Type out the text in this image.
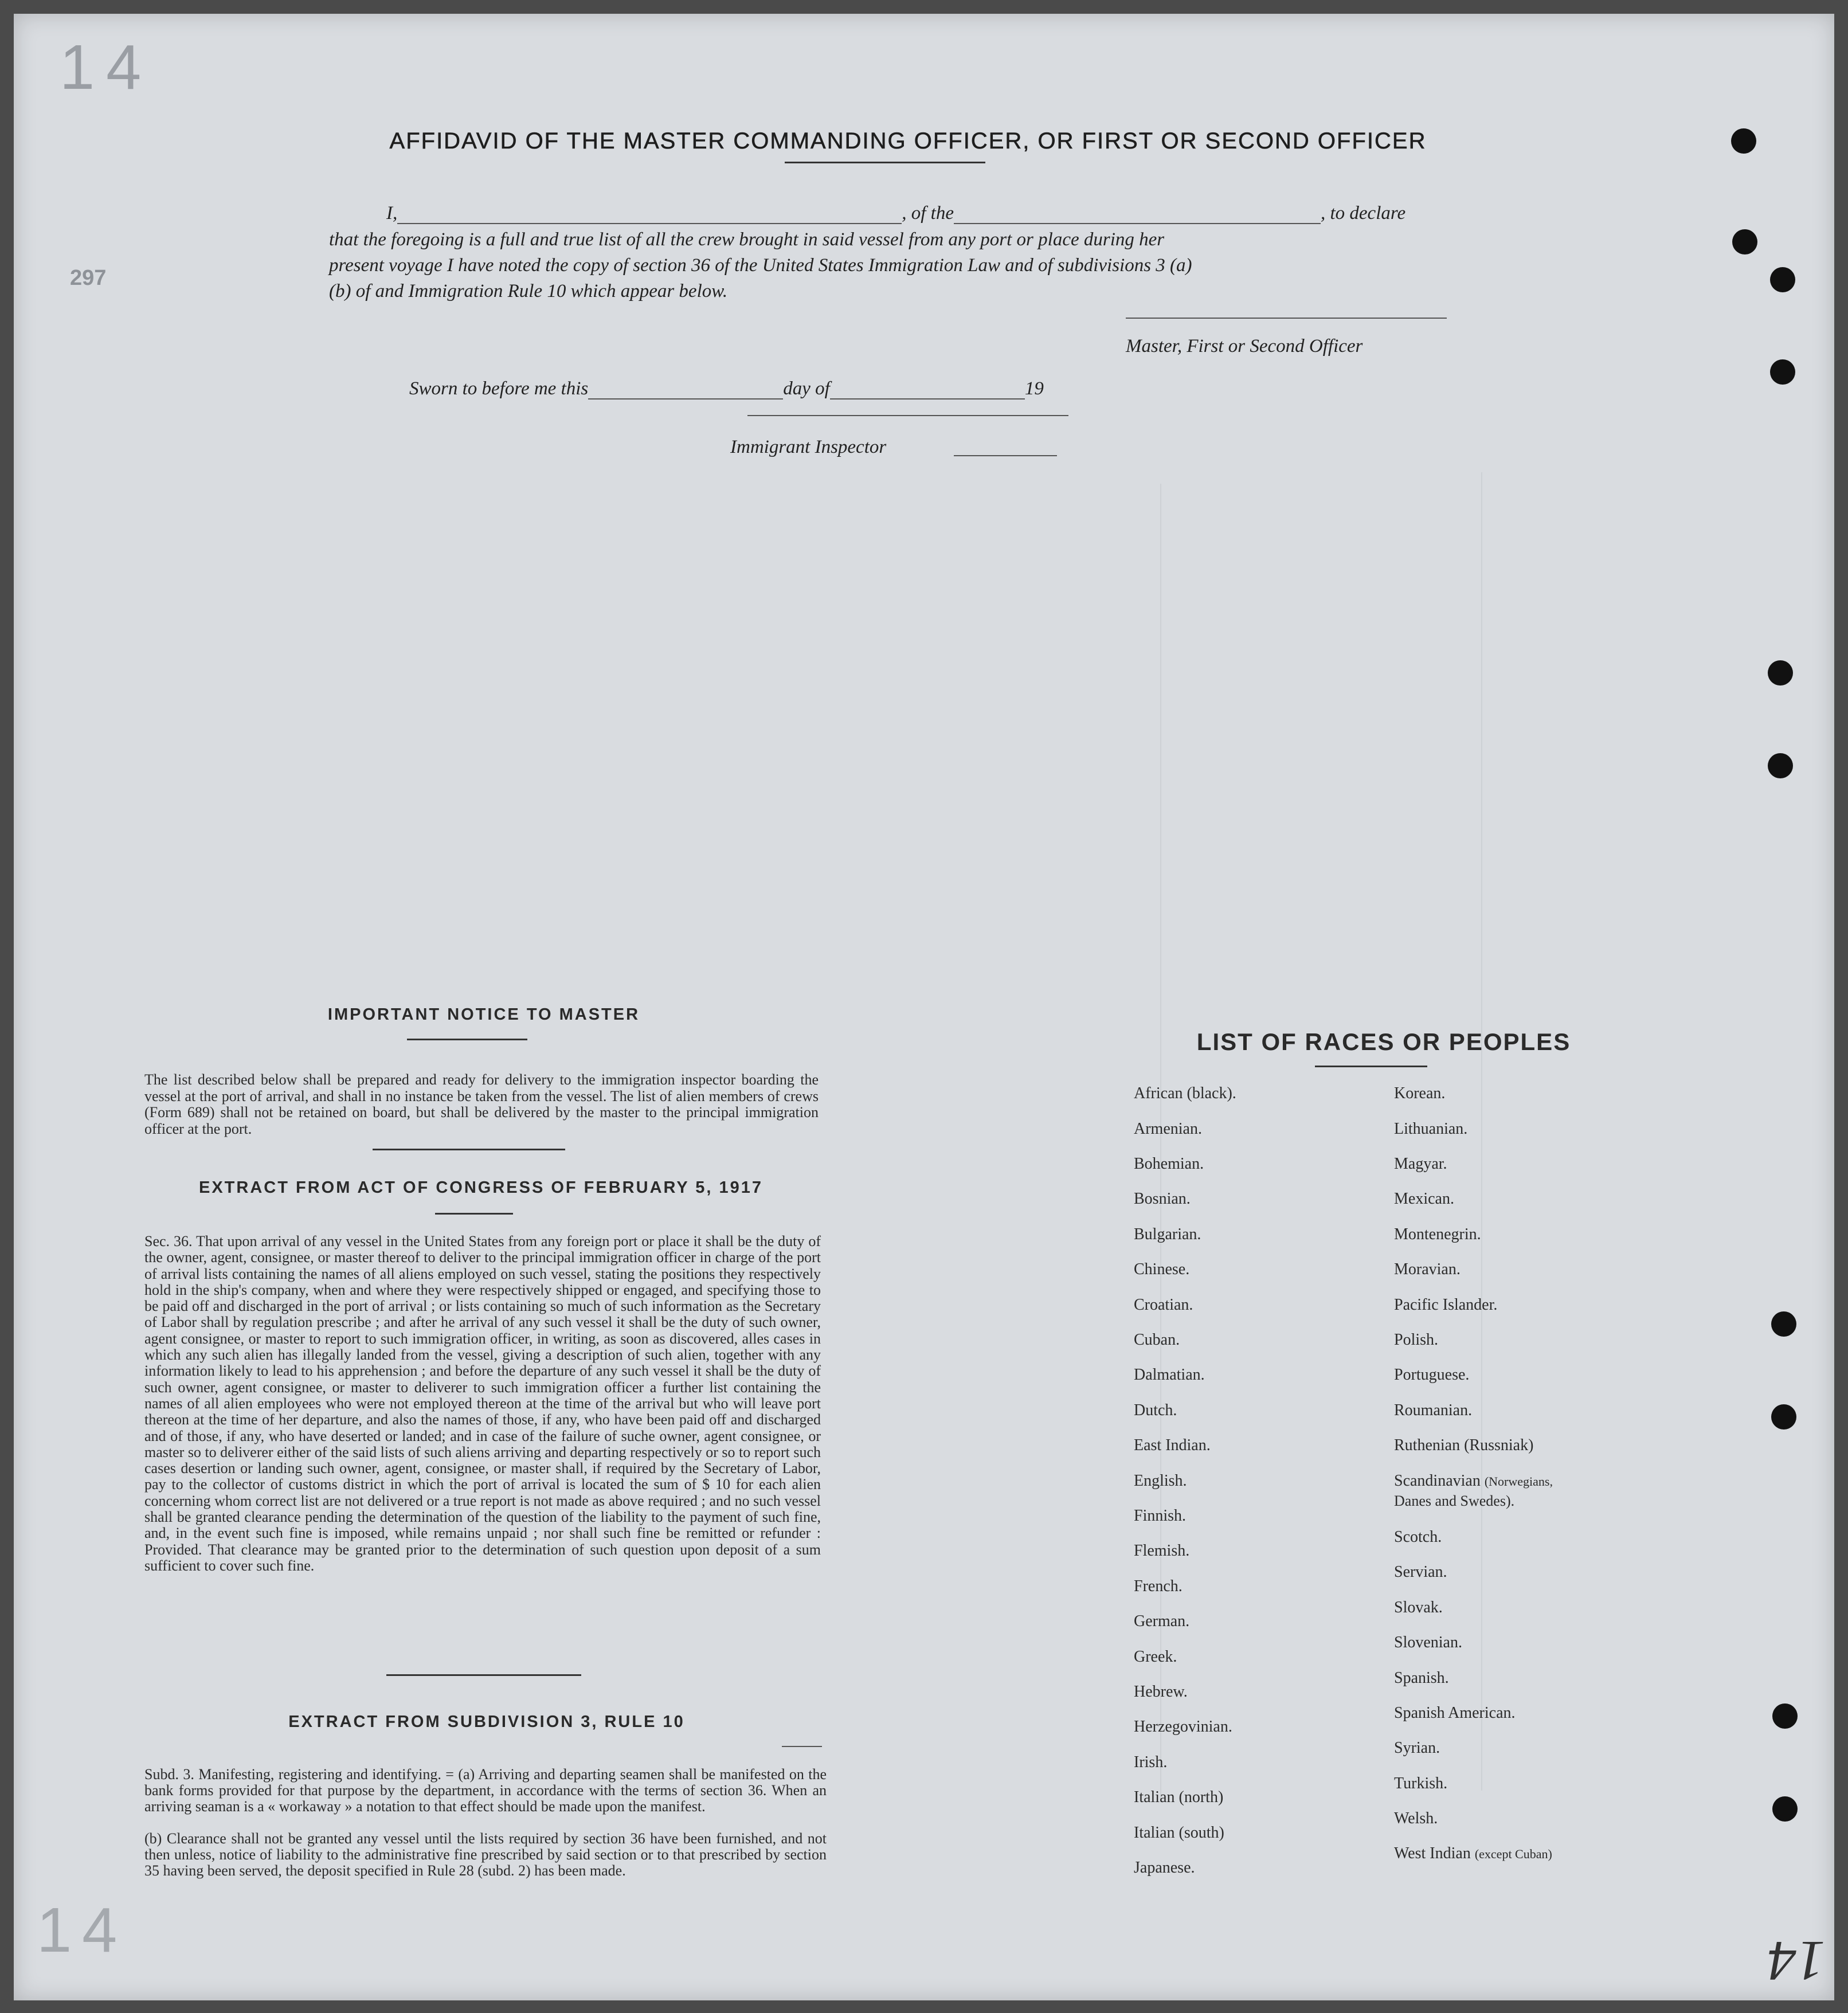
14
297
14	14
AFFIDAVID OF THE MASTER COMMANDING OFFICER, OR FIRST OR SECOND OFFICER
I,	, of the	, to declare
that the foregoing is a full and true list of all the crew brought in said vessel from any port or place during her
present voyage I have noted the copy of section 36 of the United States Immigration Law and of subdivisions 3 (a)
(b) of and Immigration Rule 10 which appear below.
Master, First or Second Officer
Sworn to before me this	day of	19
Immigrant Inspector
IMPORTANT NOTICE TO MASTER
The list described below shall be prepared and ready for delivery to the immigration inspector boarding the vessel at the port of arrival, and shall in no instance be taken from the vessel. The list of alien members of crews (Form 689) shall not be retained on board, but shall be delivered by the master to the principal immigration officer at the port.
EXTRACT FROM ACT OF CONGRESS OF FEBRUARY 5, 1917
Sec. 36. That upon arrival of any vessel in the United States from any foreign port or place it shall be the duty of the owner, agent, consignee, or master thereof to deliver to the principal immigration officer in charge of the port of arrival lists containing the names of all aliens employed on such vessel, stating the positions they respectively hold in the ship's company, when and where they were respectively shipped or engaged, and specifying those to be paid off and discharged in the port of arrival ; or lists containing so much of such information as the Secretary of Labor shall by regulation prescribe ; and after he arrival of any such vessel it shall be the duty of such owner, agent consignee, or master to report to such immigration officer, in writing, as soon as discovered, alles cases in which any such alien has illegally landed from the vessel, giving a description of such alien, together with any information likely to lead to his apprehension ; and before the departure of any such vessel it shall be the duty of such owner, agent consignee, or master to deliverer to such immigration officer a further list containing the names of all alien employees who were not employed thereon at the time of the arrival but who will leave port thereon at the time of her departure, and also the names of those, if any, who have been paid off and discharged and of those, if any, who have deserted or landed; and in case of the failure of suche owner, agent consignee, or master so to deliverer either of the said lists of such aliens arriving and departing respectively or so to report such cases desertion or landing such owner, agent, consignee, or master shall, if required by the Secretary of Labor, pay to the collector of customs district in which the port of arrival is located the sum of $ 10 for each alien concerning whom correct list are not delivered or a true report is not made as above required ; and no such vessel shall be granted clearance pending the determination of the question of the liability to the payment of such fine, and, in the event such fine is imposed, while remains unpaid ; nor shall such fine be remitted or refunder : Provided. That clearance may be granted prior to the determination of such question upon deposit of a sum sufficient to cover such fine.
EXTRACT FROM SUBDIVISION 3, RULE 10
Subd. 3. Manifesting, registering and identifying. = (a) Arriving and departing seamen shall be manifested on the bank forms provided for that purpose by the department, in accordance with the terms of section 36. When an arriving seaman is a « workaway » a notation to that effect should be made upon the manifest.
(b) Clearance shall not be granted any vessel until the lists required by section 36 have been furnished, and not then unless, notice of liability to the administrative fine prescribed by said section or to that prescribed by section 35 having been served, the deposit specified in Rule 28 (subd. 2) has been made.
LIST OF RACES OR PEOPLES
African (black).
Armenian.
Bohemian.
Bosnian.
Bulgarian.
Chinese.
Croatian.
Cuban.
Dalmatian.
Dutch.
East Indian.
English.
Finnish.
Flemish.
French.
German.
Greek.
Hebrew.
Herzegovinian.
Irish.
Italian (north)
Italian (south)
Japanese.
Korean.
Lithuanian.
Magyar.
Mexican.
Montenegrin.
Moravian.
Pacific Islander.
Polish.
Portuguese.
Roumanian.
Ruthenian (Russniak)
Scandinavian (Norwegians,
Danes and Swedes).
Scotch.
Servian.
Slovak.
Slovenian.
Spanish.
Spanish American.
Syrian.
Turkish.
Welsh.
West Indian (except Cuban)
